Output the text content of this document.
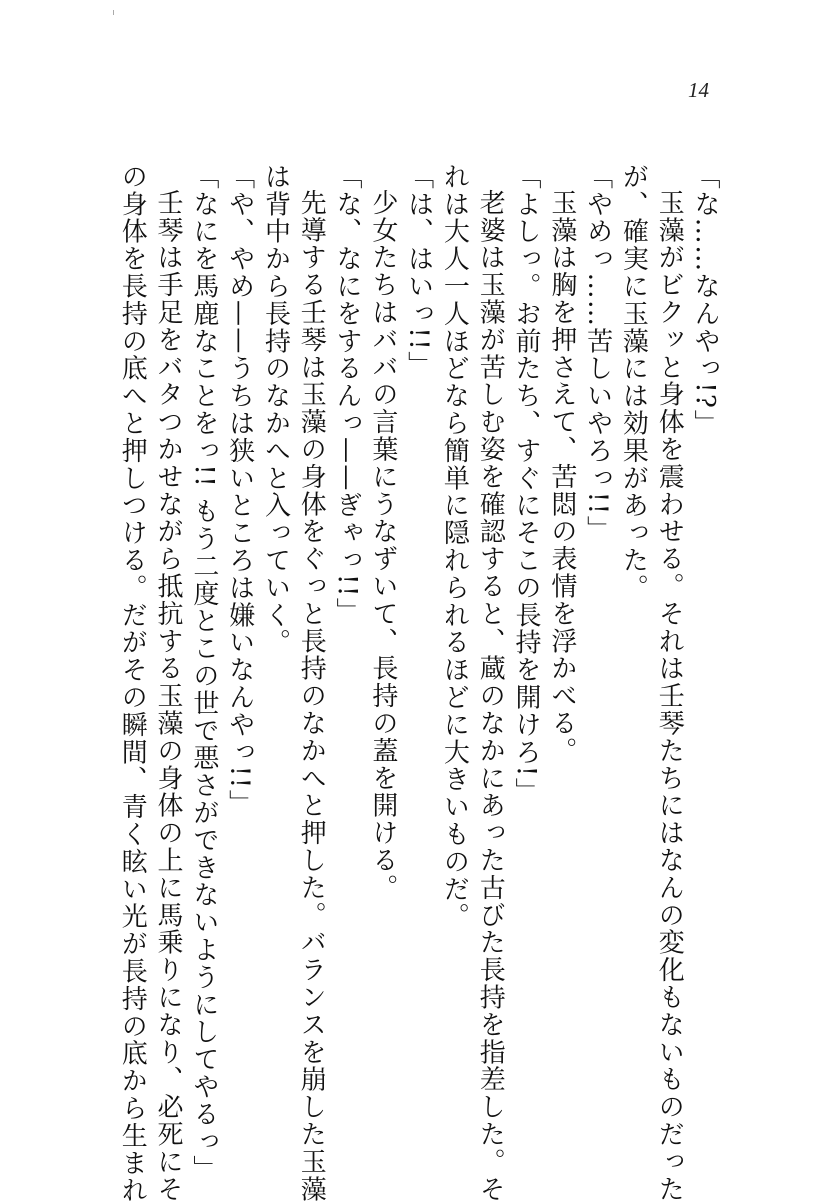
14
「な……なんやっ!?」
玉藻がビクッと身体を震わせる。それは壬琴たちにはなんの変化もないものだった
が、確実に玉藻には効果があった。
「やめっ……苦しいやろっ!!」
玉藻は胸を押さえて、苦悶の表情を浮かべる。
「よしっ。お前たち、すぐにそこの長持を開けろ!」
老婆は玉藻が苦しむ姿を確認すると、蔵のなかにあった古びた長持を指差した。そ
れは大人一人ほどなら簡単に隠れられるほどに大きいものだ。
「は、はいっ!!」
少女たちはババの言葉にうなずいて、長持の蓋を開ける。
「な、なにをするんっ——ぎゃっ!!」
先導する壬琴は玉藻の身体をぐっと長持のなかへと押した。バランスを崩した玉藻
は背中から長持のなかへと入っていく。
「や、やめ——うちは狭いところは嫌いなんやっ!!」
「なにを馬鹿なことをっ!! もう二度とこの世で悪さができないようにしてやるっ」
壬琴は手足をバタつかせながら抵抗する玉藻の身体の上に馬乗りになり、必死にそ
の身体を長持の底へと押しつける。だがその瞬間、青く眩い光が長持の底から生まれ
